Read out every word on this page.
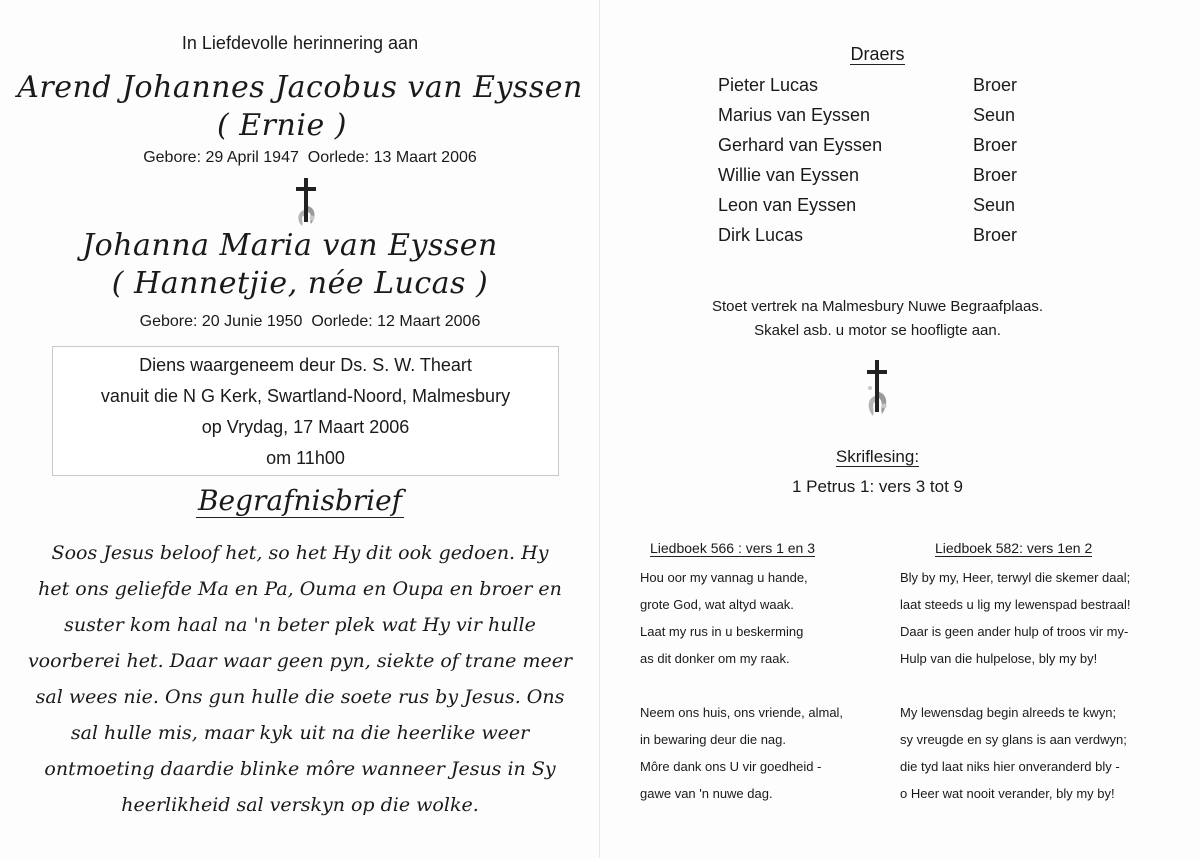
In Liefdevolle herinnering aan
Arend Johannes Jacobus van Eyssen
( Ernie )
Gebore: 29 April 1947 Oorlede: 13 Maart 2006
Johanna Maria van Eyssen
( Hannetjie, née Lucas )
Gebore: 20 Junie 1950 Oorlede: 12 Maart 2006
Diens waargeneem deur Ds. S. W. Theart
vanuit die N G Kerk, Swartland-Noord, Malmesbury
op Vrydag, 17 Maart 2006
om 11h00
Begrafnisbrief
Soos Jesus beloof het, so het Hy dit ook gedoen. Hy
het ons geliefde Ma en Pa, Ouma en Oupa en broer en
suster kom haal na 'n beter plek wat Hy vir hulle
voorberei het. Daar waar geen pyn, siekte of trane meer
sal wees nie. Ons gun hulle die soete rus by Jesus. Ons
sal hulle mis, maar kyk uit na die heerlike weer
ontmoeting daardie blinke môre wanneer Jesus in Sy
heerlikheid sal verskyn op die wolke.
Draers
Pieter Lucas	Broer
Marius van Eyssen	Seun
Gerhard van Eyssen	Broer
Willie van Eyssen	Broer
Leon van Eyssen	Seun
Dirk Lucas	Broer
Stoet vertrek na Malmesbury Nuwe Begraafplaas.
Skakel asb. u motor se hoofligte aan.
Skriflesing:
1 Petrus 1: vers 3 tot 9
Liedboek 566 : vers 1 en 3
Hou oor my vannag u hande,
grote God, wat altyd waak.
Laat my rus in u beskerming
as dit donker om my raak.
Neem ons huis, ons vriende, almal,
in bewaring deur die nag.
Môre dank ons U vir goedheid -
gawe van 'n nuwe dag.
Liedboek 582: vers 1en 2
Bly by my, Heer, terwyl die skemer daal;
laat steeds u lig my lewenspad bestraal!
Daar is geen ander hulp of troos vir my-
Hulp van die hulpelose, bly my by!
My lewensdag begin alreeds te kwyn;
sy vreugde en sy glans is aan verdwyn;
die tyd laat niks hier onveranderd bly -
o Heer wat nooit verander, bly my by!
